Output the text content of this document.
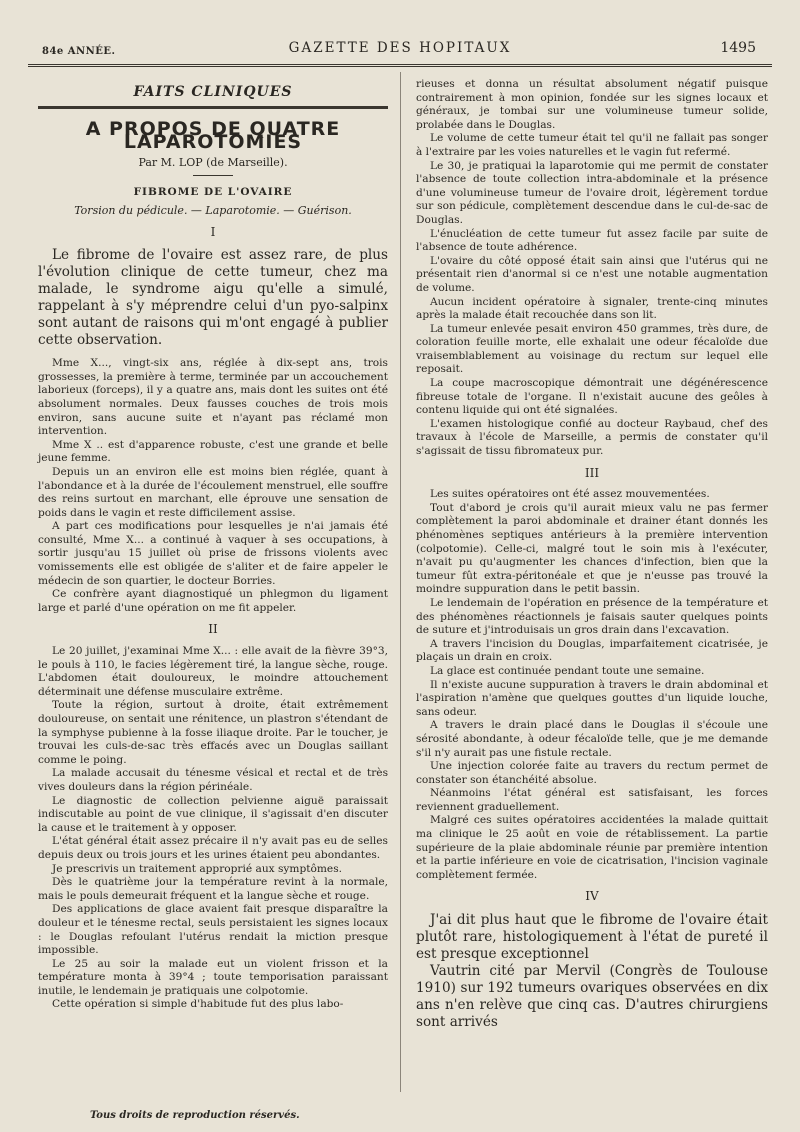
84e ANNÉE.	GAZETTE DES HOPITAUX	1495
FAITS CLINIQUES
A PROPOS DE QUATRE LAPAROTOMIES
Par M. LOP (de Marseille).
FIBROME DE L'OVAIRE
Torsion du pédicule. — Laparotomie. — Guérison.
I

Le fibrome de l'ovaire est assez rare, de plus l'évolution clinique de cette tumeur, chez ma malade, le syndrome aigu qu'elle a simulé, rappelant à s'y méprendre celui d'un pyo-salpinx sont autant de raisons qui m'ont engagé à publier cette observation.

Mme X..., vingt-six ans, réglée à dix-sept ans, trois grossesses, la première à terme, terminée par un accouchement laborieux (forceps), il y a quatre ans, mais dont les suites ont été absolument normales. Deux fausses couches de trois mois environ, sans aucune suite et n'ayant pas réclamé mon intervention.

Mme X .. est d'apparence robuste, c'est une grande et belle jeune femme.

Depuis un an environ elle est moins bien réglée, quant à l'abondance et à la durée de l'écoulement menstruel, elle souffre des reins surtout en marchant, elle éprouve une sensation de poids dans le vagin et reste difficilement assise.

A part ces modifications pour lesquelles je n'ai jamais été consulté, Mme X... a continué à vaquer à ses occupations, à sortir jusqu'au 15 juillet où prise de frissons violents avec vomissements elle est obligée de s'aliter et de faire appeler le médecin de son quartier, le docteur Borries.

Ce confrère ayant diagnostiqué un phlegmon du ligament large et parlé d'une opération on me fit appeler.

II

Le 20 juillet, j'examinai Mme X... : elle avait de la fièvre 39°3, le pouls à 110, le facies légèrement tiré, la langue sèche, rouge. L'abdomen était douloureux, le moindre attouchement déterminait une défense musculaire extrême.

Toute la région, surtout à droite, était extrêmement douloureuse, on sentait une rénitence, un plastron s'étendant de la symphyse pubienne à la fosse iliaque droite. Par le toucher, je trouvai les culs-de-sac très effacés avec un Douglas saillant comme le poing.

La malade accusait du ténesme vésical et rectal et de très vives douleurs dans la région périnéale.

Le diagnostic de collection pelvienne aiguë paraissait indiscutable au point de vue clinique, il s'agissait d'en discuter la cause et le traitement à y opposer.

L'état général était assez précaire il n'y avait pas eu de selles depuis deux ou trois jours et les urines étaient peu abondantes.

Je prescrivis un traitement approprié aux symptômes.

Dès le quatrième jour la température revint à la normale, mais le pouls demeurait fréquent et la langue sèche et rouge.

Des applications de glace avaient fait presque disparaître la douleur et le ténesme rectal, seuls persistaient les signes locaux : le Douglas refoulant l'utérus rendait la miction presque impossible.

Le 25 au soir la malade eut un violent frisson et la température monta à 39°4 ; toute temporisation paraissant inutile, le lendemain je pratiquais une colpotomie.

Cette opération si simple d'habitude fut des plus labo-

rieuses et donna un résultat absolument négatif puisque contrairement à mon opinion, fondée sur les signes locaux et généraux, je tombai sur une volumineuse tumeur solide, prolabée dans le Douglas.

Le volume de cette tumeur était tel qu'il ne fallait pas songer à l'extraire par les voies naturelles et le vagin fut refermé.

Le 30, je pratiquai la laparotomie qui me permit de constater l'absence de toute collection intra-abdominale et la présence d'une volumineuse tumeur de l'ovaire droit, légèrement tordue sur son pédicule, complètement descendue dans le cul-de-sac de Douglas.

L'énucléation de cette tumeur fut assez facile par suite de l'absence de toute adhérence.

L'ovaire du côté opposé était sain ainsi que l'utérus qui ne présentait rien d'anormal si ce n'est une notable augmentation de volume.

Aucun incident opératoire à signaler, trente-cinq minutes après la malade était recouchée dans son lit.

La tumeur enlevée pesait environ 450 grammes, très dure, de coloration feuille morte, elle exhalait une odeur fécaloïde due vraisemblablement au voisinage du rectum sur lequel elle reposait.

La coupe macroscopique démontrait une dégénérescence fibreuse totale de l'organe. Il n'existait aucune des geôles à contenu liquide qui ont été signalées.

L'examen histologique confié au docteur Raybaud, chef des travaux à l'école de Marseille, a permis de constater qu'il s'agissait de tissu fibromateux pur.

III

Les suites opératoires ont été assez mouvementées.

Tout d'abord je crois qu'il aurait mieux valu ne pas fermer complètement la paroi abdominale et drainer étant donnés les phénomènes septiques antérieurs à la première intervention (colpotomie). Celle-ci, malgré tout le soin mis à l'exécuter, n'avait pu qu'augmenter les chances d'infection, bien que la tumeur fût extra-péritonéale et que je n'eusse pas trouvé la moindre suppuration dans le petit bassin.

Le lendemain de l'opération en présence de la température et des phénomènes réactionnels je faisais sauter quelques points de suture et j'introduisais un gros drain dans l'excavation.

A travers l'incision du Douglas, imparfaitement cicatrisée, je plaçais un drain en croix.

La glace est continuée pendant toute une semaine.

Il n'existe aucune suppuration à travers le drain abdominal et l'aspiration n'amène que quelques gouttes d'un liquide louche, sans odeur.

A travers le drain placé dans le Douglas il s'écoule une sérosité abondante, à odeur fécaloïde telle, que je me demande s'il n'y aurait pas une fistule rectale.

Une injection colorée faite au travers du rectum permet de constater son étanchéité absolue.

Néanmoins l'état général est satisfaisant, les forces reviennent graduellement.

Malgré ces suites opératoires accidentées la malade quittait ma clinique le 25 août en voie de rétablissement. La partie supérieure de la plaie abdominale réunie par première intention et la partie inférieure en voie de cicatrisation, l'incision vaginale complètement fermée.

IV

J'ai dit plus haut que le fibrome de l'ovaire était plutôt rare, histologiquement à l'état de pureté il est presque exceptionnel

Vautrin cité par Mervil (Congrès de Toulouse 1910) sur 192 tumeurs ovariques observées en dix ans n'en relève que cinq cas. D'autres chirurgiens sont arrivés

Tous droits de reproduction réservés.
